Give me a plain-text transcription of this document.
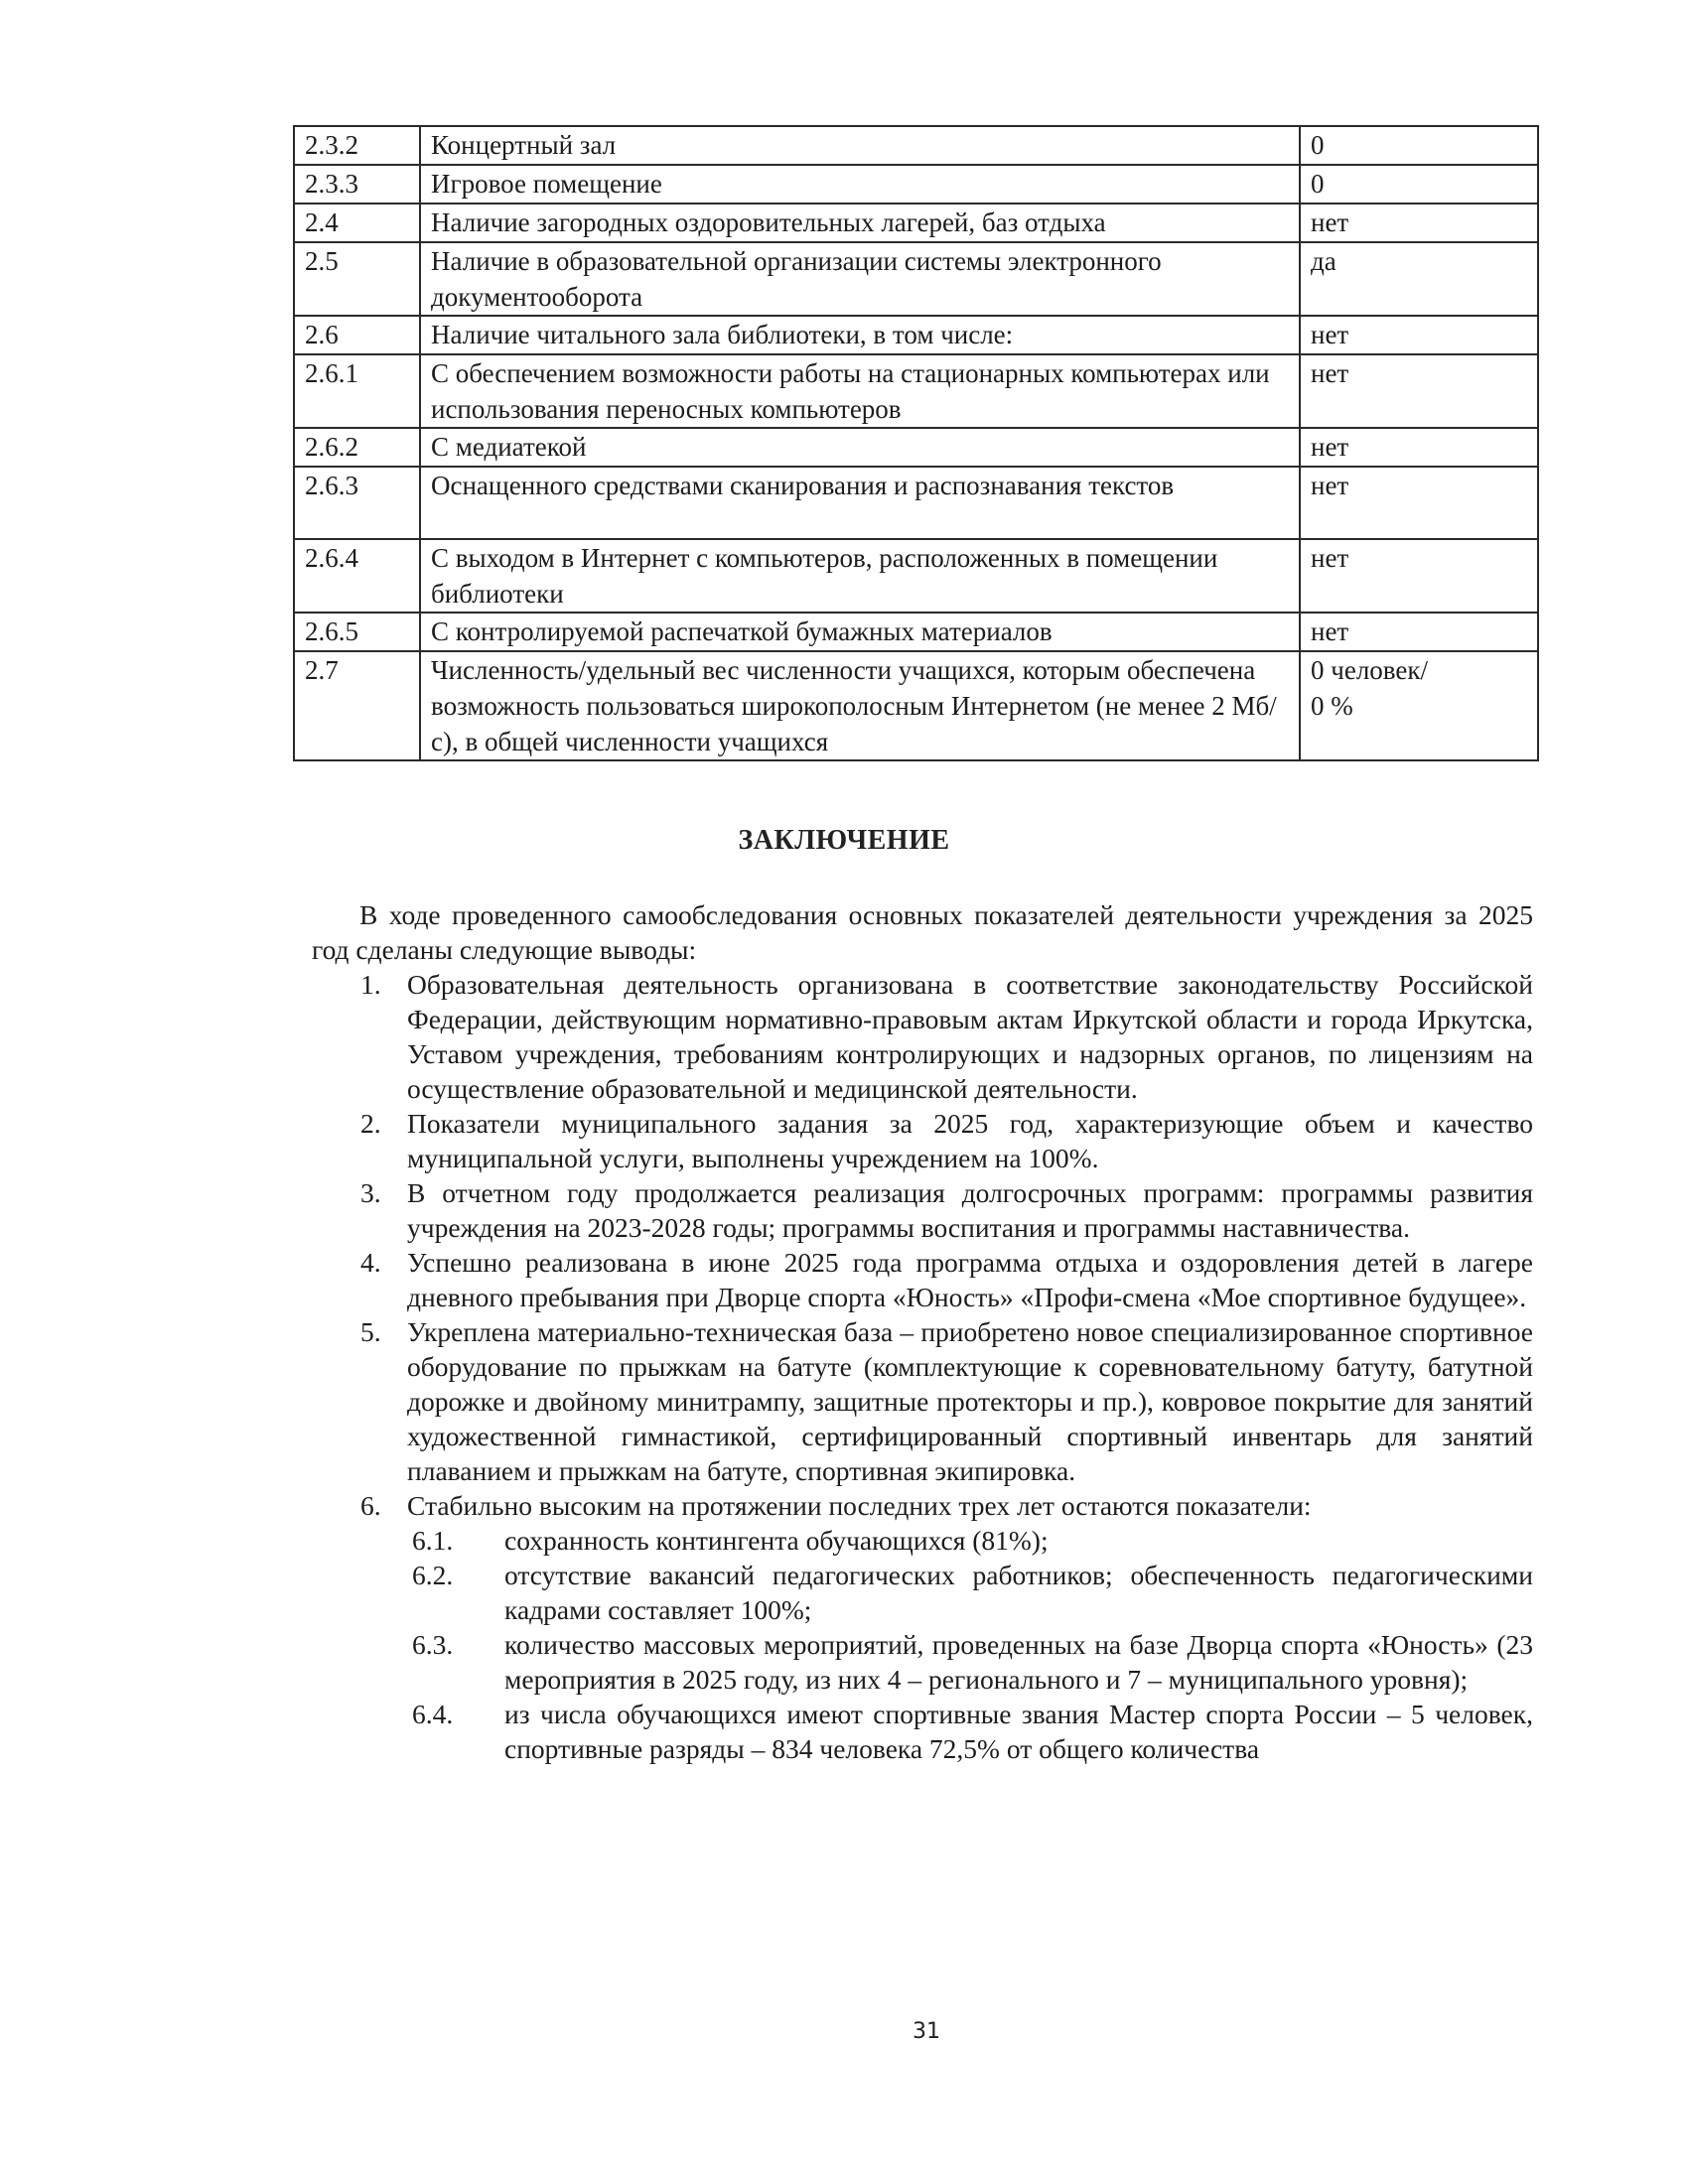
2.3.2	Концертный зал	0
2.3.3	Игровое помещение	0
2.4	Наличие загородных оздоровительных лагерей, баз отдыха	нет
2.5	Наличие в образовательной организации системы электронного документооборота	да
2.6	Наличие читального зала библиотеки, в том числе:	нет
2.6.1	С обеспечением возможности работы на стационарных компьютерах или использования переносных компьютеров	нет
2.6.2	С медиатекой	нет
2.6.3	Оснащенного средствами сканирования и распознавания текстов	нет
2.6.4	С выходом в Интернет с компьютеров, расположенных в помещении библиотеки	нет
2.6.5	С контролируемой распечаткой бумажных материалов	нет
2.7	Численность/удельный вес численности учащихся, которым обеспечена возможность пользоваться широкополосным Интернетом (не менее 2 Мб/с), в общей численности учащихся	0 человек/
0 %
ЗАКЛЮЧЕНИЕ

В ходе проведенного самообследования основных показателей деятельности учреждения за 2025 год сделаны следующие выводы:

1. Образовательная деятельность организована в соответствие законодательству Российской Федерации, действующим нормативно-правовым актам Иркутской области и города Иркутска, Уставом учреждения, требованиям контролирующих и надзорных органов, по лицензиям на осуществление образовательной и медицинской деятельности.
2. Показатели муниципального задания за 2025 год, характеризующие объем и качество муниципальной услуги, выполнены учреждением на 100%.
3. В отчетном году продолжается реализация долгосрочных программ: программы развития учреждения на 2023-2028 годы; программы воспитания и программы наставничества.
4. Успешно реализована в июне 2025 года программа отдыха и оздоровления детей в лагере дневного пребывания при Дворце спорта «Юность» «Профи-смена «Мое спортивное будущее».
5. Укреплена материально-техническая база – приобретено новое специализированное спортивное оборудование по прыжкам на батуте (комплектующие к соревновательному батуту, батутной дорожке и двойному минитрампу, защитные протекторы и пр.), ковровое покрытие для занятий художественной гимнастикой, сертифицированный спортивный инвентарь для занятий плаванием и прыжкам на батуте, спортивная экипировка.
6. Стабильно высоким на протяжении последних трех лет остаются показатели:
6.1. сохранность контингента обучающихся (81%);
6.2. отсутствие вакансий педагогических работников; обеспеченность педагогическими кадрами составляет 100%;
6.3. количество массовых мероприятий, проведенных на базе Дворца спорта «Юность» (23 мероприятия в 2025 году, из них 4 – регионального и 7 – муниципального уровня);
6.4. из числа обучающихся имеют спортивные звания Мастер спорта России – 5 человек, спортивные разряды – 834 человека 72,5% от общего количества
31
